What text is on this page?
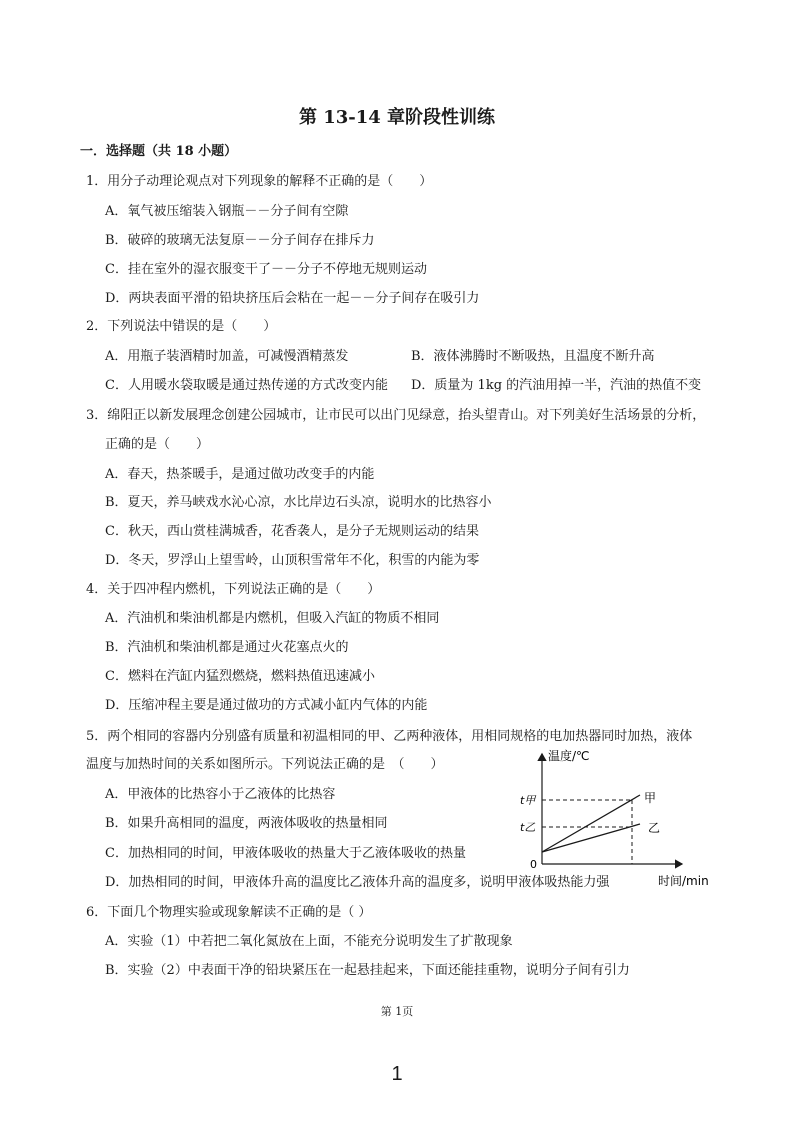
第 13-14 章阶段性训练
一．选择题（共 18 小题）
1．用分子动理论观点对下列现象的解释不正确的是（　　）
A．氧气被压缩装入钢瓶－－分子间有空隙
B．破碎的玻璃无法复原－－分子间存在排斥力
C．挂在室外的湿衣服变干了－－分子不停地无规则运动
D．两块表面平滑的铅块挤压后会粘在一起－－分子间存在吸引力
2．下列说法中错误的是（　　）
A．用瓶子装酒精时加盖，可减慢酒精蒸发	B．液体沸腾时不断吸热，且温度不断升高
C．人用暖水袋取暖是通过热传递的方式改变内能 D．质量为 1kg 的汽油用掉一半，汽油的热值不变
3．绵阳正以新发展理念创建公园城市，让市民可以出门见绿意，抬头望青山。对下列美好生活场景的分析，
正确的是（　　）
A．春天，热茶暖手，是通过做功改变手的内能
B．夏天，养马峡戏水沁心凉，水比岸边石头凉，说明水的比热容小
C．秋天，西山赏桂满城香，花香袭人，是分子无规则运动的结果
D．冬天，罗浮山上望雪岭，山顶积雪常年不化，积雪的内能为零
4．关于四冲程内燃机，下列说法正确的是（　　）
A．汽油机和柴油机都是内燃机，但吸入汽缸的物质不相同
B．汽油机和柴油机都是通过火花塞点火的
C．燃料在汽缸内猛烈燃烧，燃料热值迅速减小
D．压缩冲程主要是通过做功的方式减小缸内气体的内能
5．两个相同的容器内分别盛有质量和初温相同的甲、乙两种液体，用相同规格的电加热器同时加热，液体
温度与加热时间的关系如图所示。下列说法正确的是　（　　）
A．甲液体的比热容小于乙液体的比热容
B．如果升高相同的温度，两液体吸收的热量相同
C．加热相同的时间，甲液体吸收的热量大于乙液体吸收的热量
D．加热相同的时间，甲液体升高的温度比乙液体升高的温度多，说明甲液体吸热能力强
温度/℃
时间/min
0
t甲
t乙
甲
乙
6．下面几个物理实验或现象解读不正确的是（ ）
A．实验（1）中若把二氧化氮放在上面，不能充分说明发生了扩散现象
B．实验（2）中表面干净的铅块紧压在一起悬挂起来，下面还能挂重物，说明分子间有引力
第 1页
1
